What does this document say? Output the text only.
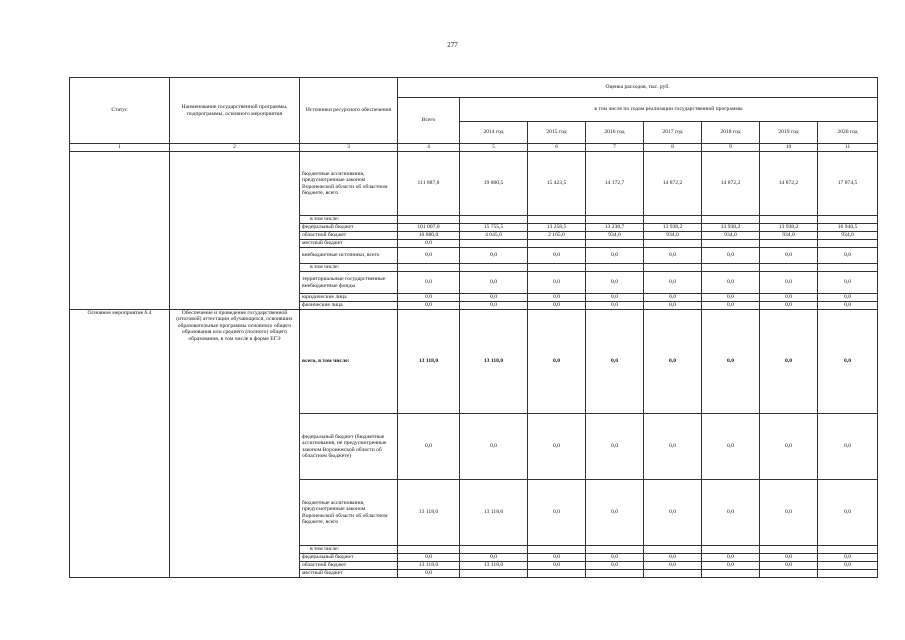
277
Статус	Наименование государственной программы, подпрограммы, основного мероприятия	Источники ресурсного обеспечения	Оценка расходов, тыс. руб.							
			Всего	в том числе по годам реализации государственной программы						
				2014 год	2015 год	2016 год	2017 год	2018 год	2019 год	2020 год
1	2	3	4	5	6	7	8	9	10	11
		бюджетные ассигнования, предусмотренные законом Воронежской области об областном бюджете, всего	111 887,8	19 800,5	15 423,5	14 172,7	14 872,2	14 872,2	14 872,2	17 874,5
		в том числе:								
		федеральный бюджет	101 007,8	15 755,5	13 258,5	13 238,7	13 938,2	13 938,2	13 938,2	16 940,5
		областной бюджет	10 880,0	4 045,0	2 165,0	934,0	934,0	934,0	934,0	934,0
		местный бюджет	0,0							
		внебюджетные источники, всего	0,0	0,0	0,0	0,0	0,0	0,0	0,0	0,0
		в том числе:								
		территориальные государственные внебюджетные фонды	0,0	0,0	0,0	0,0	0,0	0,0	0,0	0,0
		юридические лица	0,0	0,0	0,0	0,0	0,0	0,0	0,0	0,0
		физические лица	0,0	0,0	0,0	0,0	0,0	0,0	0,0	0,0
Основное мероприятие 6.4	Обеспечение и проведение государственной (итоговой) аттестации обучающихся, освоивших образовательные программы основного общего образования или среднего (полного) общего образования, в том числе в форме ЕГЭ	всего, в том числе:	13 118,0	13 118,0	0,0	0,0	0,0	0,0	0,0	0,0
		федеральный бюджет (бюджетные ассигнования, не предусмотренные законом Воронежской области об областном бюджете)	0,0	0,0	0,0	0,0	0,0	0,0	0,0	0,0
		бюджетные ассигнования, предусмотренные законом Воронежской области об областном бюджете, всего	13 118,0	13 118,0	0,0	0,0	0,0	0,0	0,0	0,0
		в том числе:								
		федеральный бюджет	0,0	0,0	0,0	0,0	0,0	0,0	0,0	0,0
		областной бюджет	13 118,0	13 118,0	0,0	0,0	0,0	0,0	0,0	0,0
		местный бюджет	0,0							
